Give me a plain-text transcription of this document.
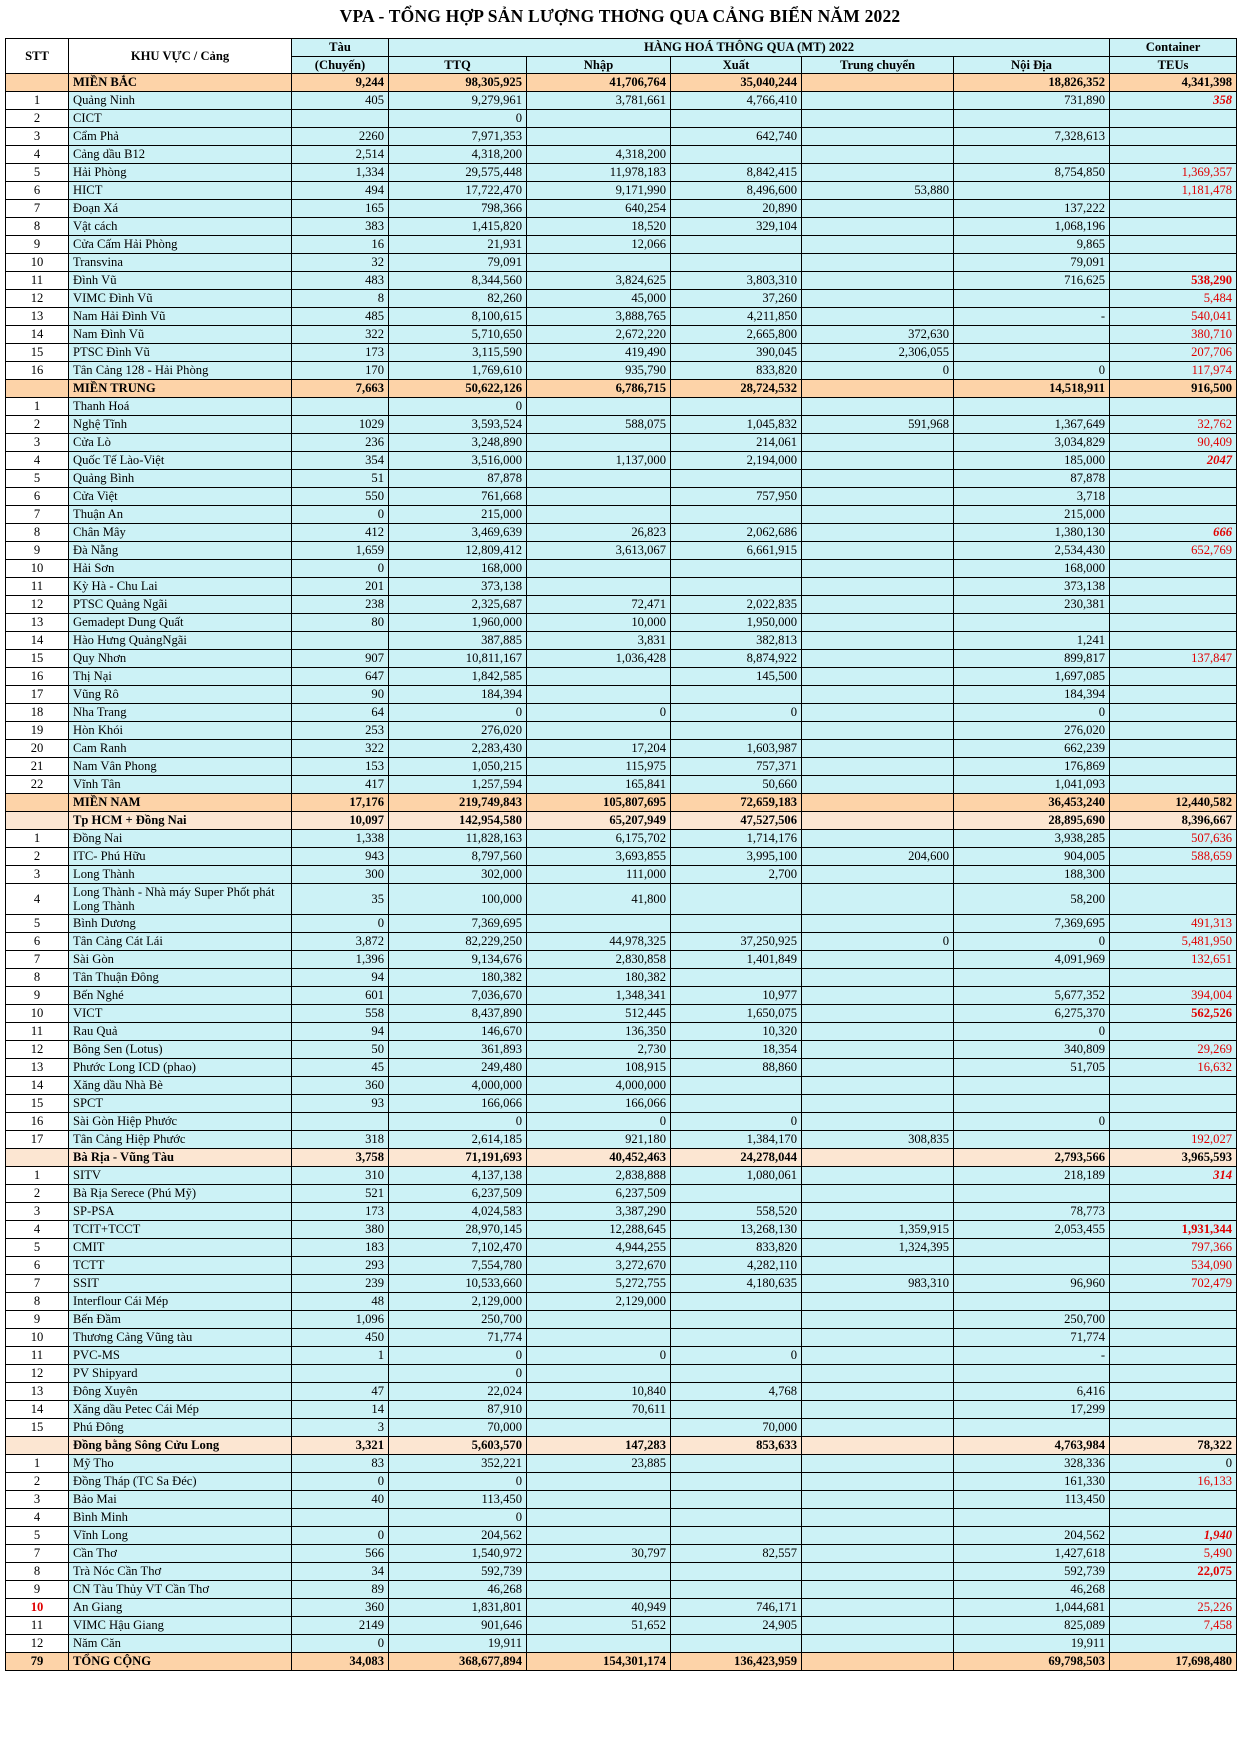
VPA - TỔNG HỢP SẢN LƯỢNG THƠNG QUA CẢNG BIỂN NĂM 2022
STT	KHU VỰC / Cảng	Tàu	HÀNG HOÁ THÔNG QUA (MT) 2022					Container
		(Chuyến)	TTQ	Nhập	Xuất	Trung chuyển	Nội Địa	TEUs
	MIỀN BẮC	9,244	98,305,925	41,706,764	35,040,244		18,826,352	4,341,398
1	Quảng Ninh	405	9,279,961	3,781,661	4,766,410		731,890	358
2	CICT		0					
3	Cẩm Phả	2260	7,971,353		642,740		7,328,613	
4	Cảng dầu B12	2,514	4,318,200	4,318,200				
5	Hải Phòng	1,334	29,575,448	11,978,183	8,842,415		8,754,850	1,369,357
6	HICT	494	17,722,470	9,171,990	8,496,600	53,880		1,181,478
7	Đoạn Xá	165	798,366	640,254	20,890		137,222	
8	Vật cách	383	1,415,820	18,520	329,104		1,068,196	
9	Cửa Cấm Hải Phòng	16	21,931	12,066			9,865	
10	Transvina	32	79,091				79,091	
11	Đình Vũ	483	8,344,560	3,824,625	3,803,310		716,625	538,290
12	VIMC Đình Vũ	8	82,260	45,000	37,260			5,484
13	Nam Hải Đình Vũ	485	8,100,615	3,888,765	4,211,850		-	540,041
14	Nam Đình Vũ	322	5,710,650	2,672,220	2,665,800	372,630		380,710
15	PTSC Đình Vũ	173	3,115,590	419,490	390,045	2,306,055		207,706
16	Tân Cảng 128 - Hải Phòng	170	1,769,610	935,790	833,820	0	0	117,974
	MIỀN TRUNG	7,663	50,622,126	6,786,715	28,724,532		14,518,911	916,500
1	Thanh Hoá		0					
2	Nghệ Tĩnh	1029	3,593,524	588,075	1,045,832	591,968	1,367,649	32,762
3	Cửa Lò	236	3,248,890		214,061		3,034,829	90,409
4	Quốc Tế Lào-Việt	354	3,516,000	1,137,000	2,194,000		185,000	2047
5	Quảng Bình	51	87,878				87,878	
6	Cửa Việt	550	761,668		757,950		3,718	
7	Thuận An	0	215,000				215,000	
8	Chân Mây	412	3,469,639	26,823	2,062,686		1,380,130	666
9	Đà Nẵng	1,659	12,809,412	3,613,067	6,661,915		2,534,430	652,769
10	Hải Sơn	0	168,000				168,000	
11	Kỳ Hà - Chu Lai	201	373,138				373,138	
12	PTSC Quảng Ngãi	238	2,325,687	72,471	2,022,835		230,381	
13	Gemadept Dung Quất	80	1,960,000	10,000	1,950,000			
14	Hào Hưng QuảngNgãi		387,885	3,831	382,813		1,241	
15	Quy Nhơn	907	10,811,167	1,036,428	8,874,922		899,817	137,847
16	Thị Nại	647	1,842,585		145,500		1,697,085	
17	Vũng Rô	90	184,394				184,394	
18	Nha Trang	64	0	0	0		0	
19	Hòn Khói	253	276,020				276,020	
20	Cam Ranh	322	2,283,430	17,204	1,603,987		662,239	
21	Nam Vân Phong	153	1,050,215	115,975	757,371		176,869	
22	Vĩnh Tân	417	1,257,594	165,841	50,660		1,041,093	
	MIỀN NAM	17,176	219,749,843	105,807,695	72,659,183		36,453,240	12,440,582
	Tp HCM + Đồng Nai	10,097	142,954,580	65,207,949	47,527,506		28,895,690	8,396,667
1	Đồng Nai	1,338	11,828,163	6,175,702	1,714,176		3,938,285	507,636
2	ITC- Phú Hữu	943	8,797,560	3,693,855	3,995,100	204,600	904,005	588,659
3	Long Thành	300	302,000	111,000	2,700		188,300	
4	Long Thành - Nhà máy Super Phốt phát Long Thành	35	100,000	41,800			58,200	
5	Bình Dương	0	7,369,695				7,369,695	491,313
6	Tân Cảng Cát Lái	3,872	82,229,250	44,978,325	37,250,925	0	0	5,481,950
7	Sài Gòn	1,396	9,134,676	2,830,858	1,401,849		4,091,969	132,651
8	Tân Thuận Đông	94	180,382	180,382				
9	Bến Nghé	601	7,036,670	1,348,341	10,977		5,677,352	394,004
10	VICT	558	8,437,890	512,445	1,650,075		6,275,370	562,526
11	Rau Quả	94	146,670	136,350	10,320		0	
12	Bông Sen (Lotus)	50	361,893	2,730	18,354		340,809	29,269
13	Phước Long ICD (phao)	45	249,480	108,915	88,860		51,705	16,632
14	Xăng dầu Nhà Bè	360	4,000,000	4,000,000				
15	SPCT	93	166,066	166,066				
16	Sài Gòn Hiệp Phước		0	0	0		0	
17	Tân Cảng Hiệp Phước	318	2,614,185	921,180	1,384,170	308,835		192,027
	Bà Rịa - Vũng Tàu	3,758	71,191,693	40,452,463	24,278,044		2,793,566	3,965,593
1	SITV	310	4,137,138	2,838,888	1,080,061		218,189	314
2	Bà Rịa Serece (Phú Mỹ)	521	6,237,509	6,237,509				
3	SP-PSA	173	4,024,583	3,387,290	558,520		78,773	
4	TCIT+TCCT	380	28,970,145	12,288,645	13,268,130	1,359,915	2,053,455	1,931,344
5	CMIT	183	7,102,470	4,944,255	833,820	1,324,395		797,366
6	TCTT	293	7,554,780	3,272,670	4,282,110			534,090
7	SSIT	239	10,533,660	5,272,755	4,180,635	983,310	96,960	702,479
8	Interflour Cái Mép	48	2,129,000	2,129,000				
9	Bến Đầm	1,096	250,700				250,700	
10	Thương Cảng Vũng tàu	450	71,774				71,774	
11	PVC-MS	1	0	0	0		-	
12	PV Shipyard		0					
13	Đông Xuyên	47	22,024	10,840	4,768		6,416	
14	Xăng dầu Petec Cái Mép	14	87,910	70,611			17,299	
15	Phú Đông	3	70,000		70,000			
	Đồng bằng Sông Cửu Long	3,321	5,603,570	147,283	853,633		4,763,984	78,322
1	Mỹ Tho	83	352,221	23,885			328,336	0
2	Đồng Tháp (TC Sa Đéc)	0	0				161,330	16,133
3	Bảo Mai	40	113,450				113,450	
4	Bình Minh		0					
5	Vĩnh Long	0	204,562				204,562	1,940
7	Cần Thơ	566	1,540,972	30,797	82,557		1,427,618	5,490
8	Trà Nóc Cần Thơ	34	592,739				592,739	22,075
9	CN Tàu Thủy VT Cần Thơ	89	46,268				46,268	
10	An Giang	360	1,831,801	40,949	746,171		1,044,681	25,226
11	VIMC Hậu Giang	2149	901,646	51,652	24,905		825,089	7,458
12	Năm Căn	0	19,911				19,911	
79	TỔNG CỘNG	34,083	368,677,894	154,301,174	136,423,959		69,798,503	17,698,480
